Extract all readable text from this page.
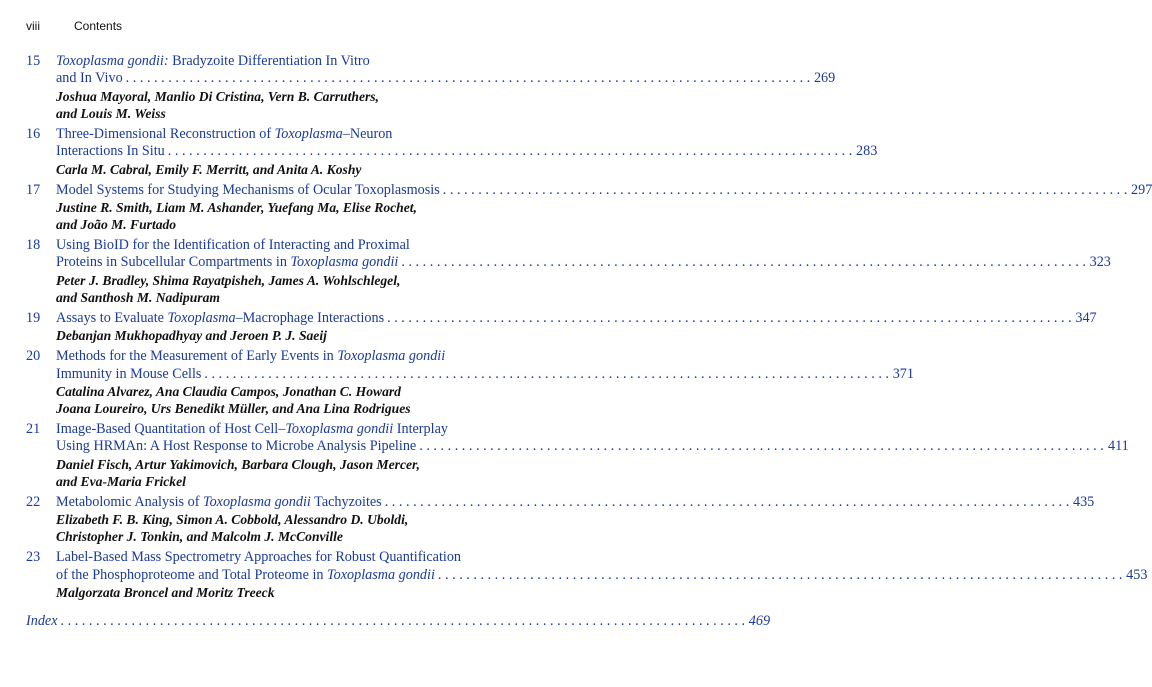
viii	Contents
15	Toxoplasma gondii: Bradyzoite Differentiation In Vitro
and In Vivo . . .	269
Joshua Mayoral, Manlio Di Cristina, Vern B. Carruthers,
and Louis M. Weiss
16	Three-Dimensional Reconstruction of Toxoplasma–Neuron
Interactions In Situ . . .	283
Carla M. Cabral, Emily F. Merritt, and Anita A. Koshy
17	Model Systems for Studying Mechanisms of Ocular Toxoplasmosis . . .	297
Justine R. Smith, Liam M. Ashander, Yuefang Ma, Elise Rochet,
and João M. Furtado
18	Using BioID for the Identification of Interacting and Proximal
Proteins in Subcellular Compartments in Toxoplasma gondii . . .	323
Peter J. Bradley, Shima Rayatpisheh, James A. Wohlschlegel,
and Santhosh M. Nadipuram
19	Assays to Evaluate Toxoplasma–Macrophage Interactions . . .	347
Debanjan Mukhopadhyay and Jeroen P. J. Saeij
20	Methods for the Measurement of Early Events in Toxoplasma gondii
Immunity in Mouse Cells . . .	371
Catalina Alvarez, Ana Claudia Campos, Jonathan C. Howard
Joana Loureiro, Urs Benedikt Müller, and Ana Lina Rodrigues
21	Image-Based Quantitation of Host Cell–Toxoplasma gondii Interplay
Using HRMAn: A Host Response to Microbe Analysis Pipeline . . .	411
Daniel Fisch, Artur Yakimovich, Barbara Clough, Jason Mercer,
and Eva-Maria Frickel
22	Metabolomic Analysis of Toxoplasma gondii Tachyzoites . . .	435
Elizabeth F. B. King, Simon A. Cobbold, Alessandro D. Uboldi,
Christopher J. Tonkin, and Malcolm J. McConville
23	Label-Based Mass Spectrometry Approaches for Robust Quantification
of the Phosphoproteome and Total Proteome in Toxoplasma gondii . . .	453
Malgorzata Broncel and Moritz Treeck
Index . . .	469
